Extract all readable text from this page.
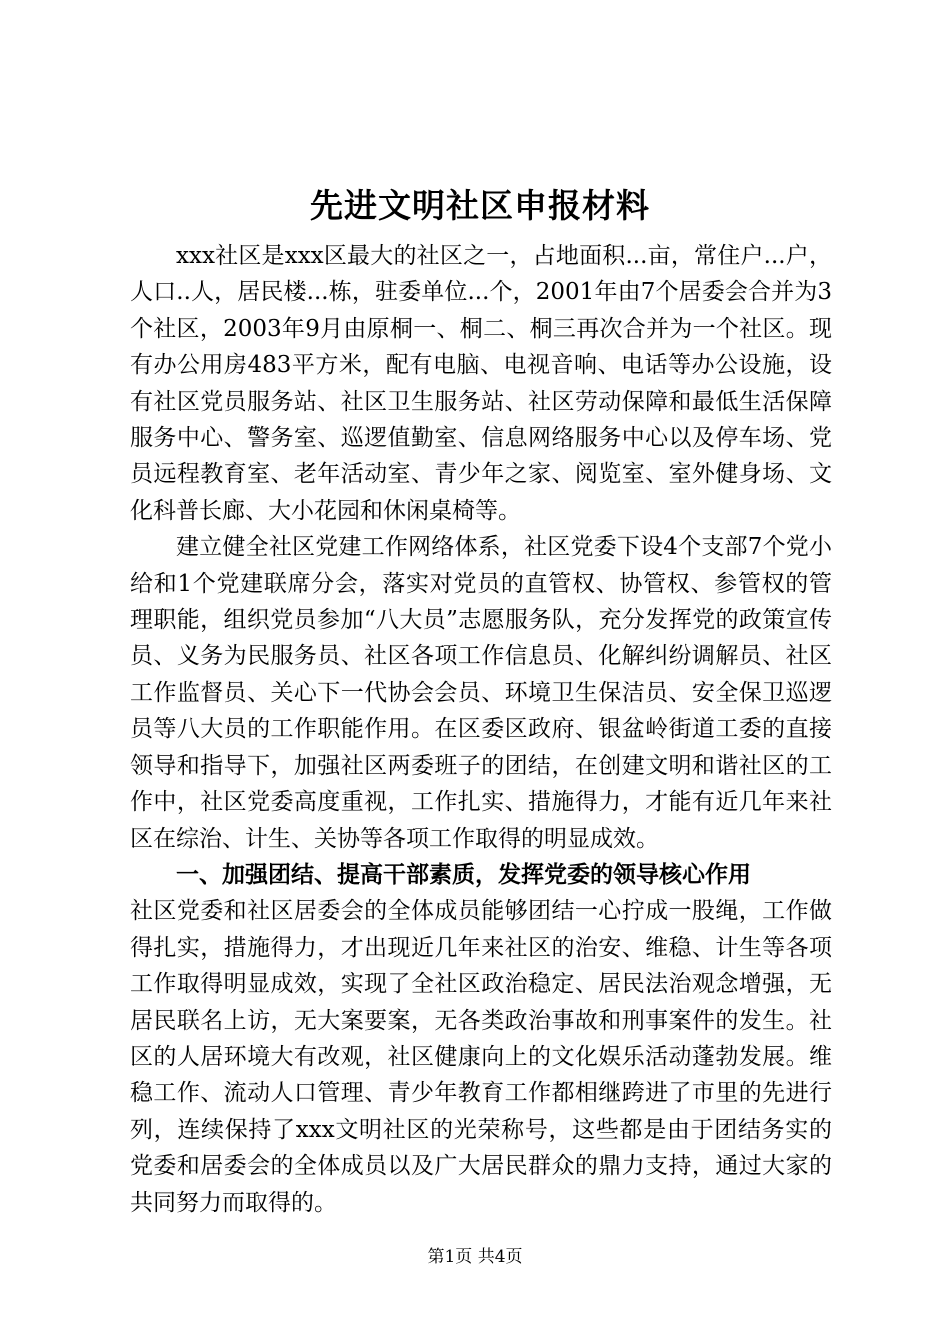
先进文明社区申报材料

xxx社区是xxx区最大的社区之一，占地面积...亩，常住户...户，人口..人，居民楼...栋，驻委单位...个，2001年由7个居委会合并为3个社区，2003年9月由原桐一、桐二、桐三再次合并为一个社区。现有办公用房483平方米，配有电脑、电视音响、电话等办公设施，设有社区党员服务站、社区卫生服务站、社区劳动保障和最低生活保障服务中心、警务室、巡逻值勤室、信息网络服务中心以及停车场、党员远程教育室、老年活动室、青少年之家、阅览室、室外健身场、文化科普长廊、大小花园和休闲桌椅等。

建立健全社区党建工作网络体系，社区党委下设4个支部7个党小给和1个党建联席分会，落实对党员的直管权、协管权、参管权的管理职能，组织党员参加“八大员”志愿服务队，充分发挥党的政策宣传员、义务为民服务员、社区各项工作信息员、化解纠纷调解员、社区工作监督员、关心下一代协会会员、环境卫生保洁员、安全保卫巡逻员等八大员的工作职能作用。在区委区政府、银盆岭街道工委的直接领导和指导下，加强社区两委班子的团结，在创建文明和谐社区的工作中，社区党委高度重视，工作扎实、措施得力，才能有近几年来社区在综治、计生、关协等各项工作取得的明显成效。

一、加强团结、提高干部素质，发挥党委的领导核心作用

社区党委和社区居委会的全体成员能够团结一心拧成一股绳，工作做得扎实，措施得力，才出现近几年来社区的治安、维稳、计生等各项工作取得明显成效，实现了全社区政治稳定、居民法治观念增强，无居民联名上访，无大案要案，无各类政治事故和刑事案件的发生。社区的人居环境大有改观，社区健康向上的文化娱乐活动蓬勃发展。维稳工作、流动人口管理、青少年教育工作都相继跨进了市里的先进行列，连续保持了xxx文明社区的光荣称号，这些都是由于团结务实的党委和居委会的全体成员以及广大居民群众的鼎力支持，通过大家的共同努力而取得的。

第1页 共4页
